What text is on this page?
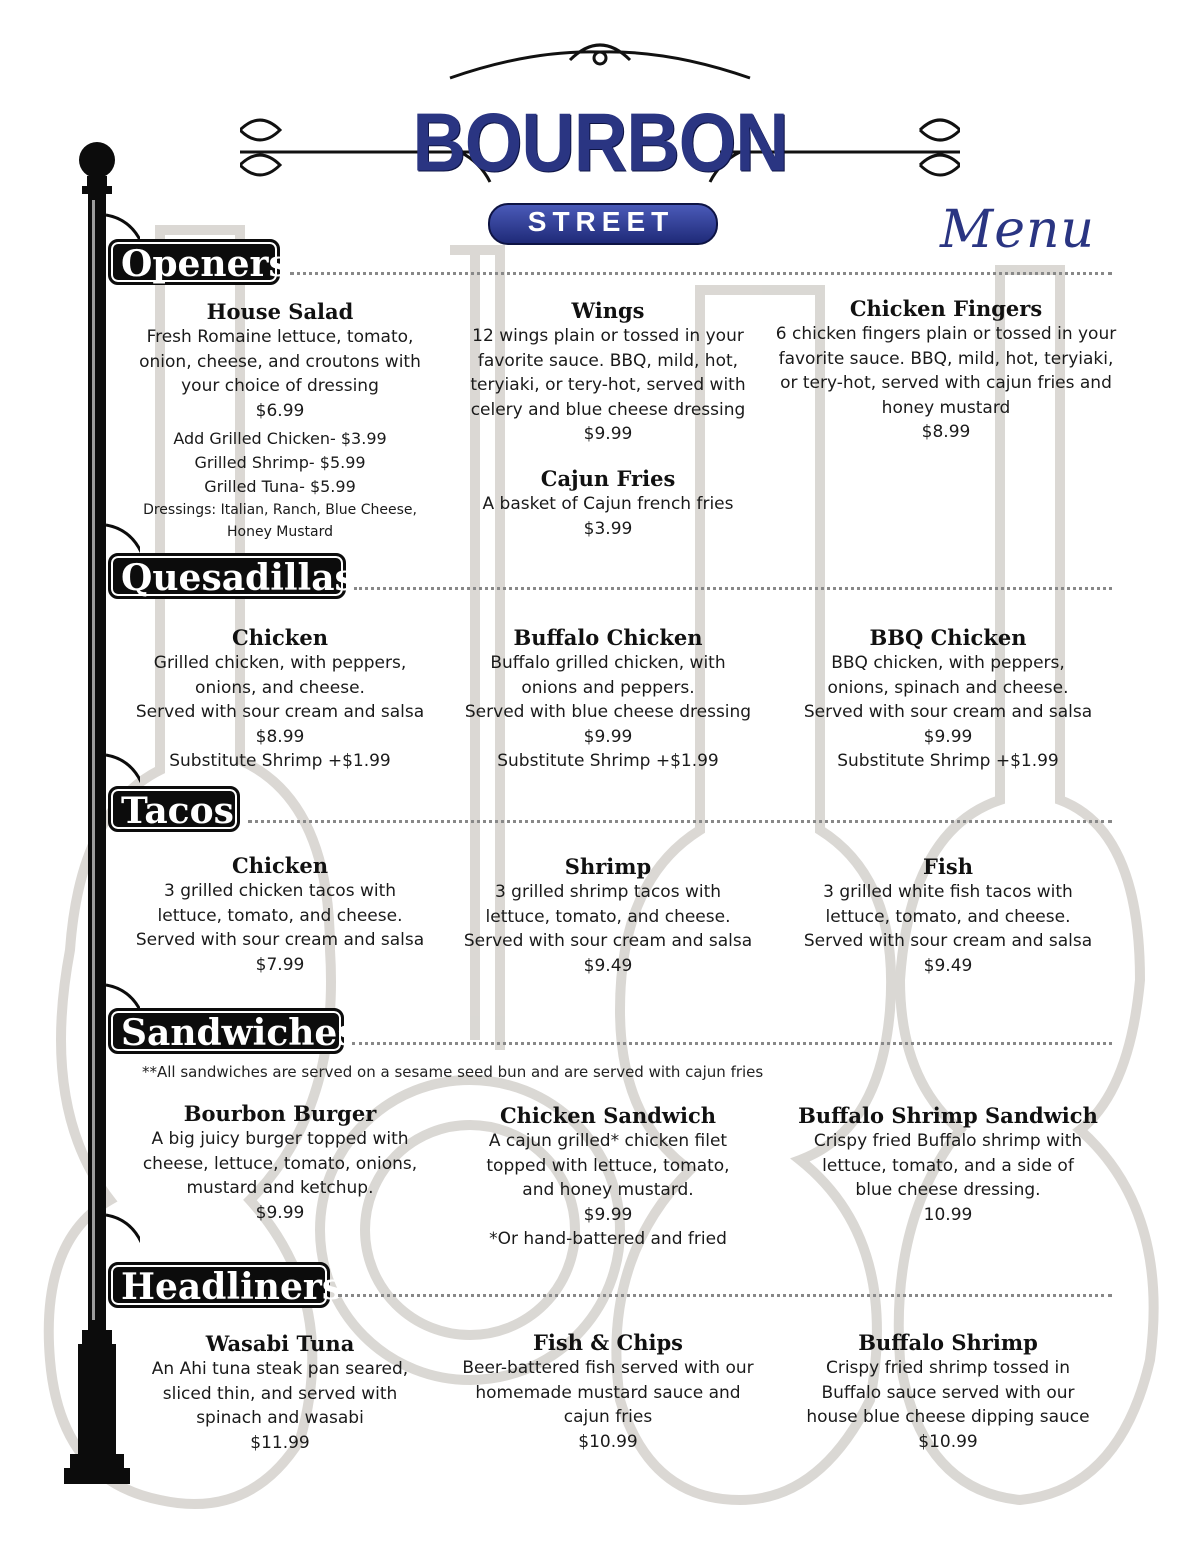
BOURBON
STREET	Menu
Openers
House Salad
Fresh Romaine lettuce, tomato,
onion, cheese, and croutons with
your choice of dressing
$6.99
Add Grilled Chicken- $3.99
Grilled Shrimp- $5.99
Grilled Tuna- $5.99
Dressings: Italian, Ranch, Blue Cheese,
Honey Mustard
Wings
12 wings plain or tossed in your
favorite sauce. BBQ, mild, hot,
teryiaki, or tery-hot, served with
celery and blue cheese dressing
$9.99
Cajun Fries
A basket of Cajun french fries
$3.99
Chicken Fingers
6 chicken fingers plain or tossed in your
favorite sauce. BBQ, mild, hot, teryiaki,
or tery-hot, served with cajun fries and
honey mustard
$8.99
Quesadillas
Chicken
Grilled chicken, with peppers,
onions, and cheese.
Served with sour cream and salsa
$8.99
Substitute Shrimp +$1.99
Buffalo Chicken
Buffalo grilled chicken, with
onions and peppers.
Served with blue cheese dressing
$9.99
Substitute Shrimp +$1.99
BBQ Chicken
BBQ chicken, with peppers,
onions, spinach and cheese.
Served with sour cream and salsa
$9.99
Substitute Shrimp +$1.99
Tacos
Chicken
3 grilled chicken tacos with
lettuce, tomato, and cheese.
Served with sour cream and salsa
$7.99
Shrimp
3 grilled shrimp tacos with
lettuce, tomato, and cheese.
Served with sour cream and salsa
$9.49
Fish
3 grilled white fish tacos with
lettuce, tomato, and cheese.
Served with sour cream and salsa
$9.49
Sandwiches
**All sandwiches are served on a sesame seed bun and are served with cajun fries
Bourbon Burger
A big juicy burger topped with
cheese, lettuce, tomato, onions,
mustard and ketchup.
$9.99
Chicken Sandwich
A cajun grilled* chicken filet
topped with lettuce, tomato,
and honey mustard.
$9.99
*Or hand-battered and fried
Buffalo Shrimp Sandwich
Crispy fried Buffalo shrimp with
lettuce, tomato, and a side of
blue cheese dressing.
10.99
Headliners
Wasabi Tuna
An Ahi tuna steak pan seared,
sliced thin, and served with
spinach and wasabi
$11.99
Fish & Chips
Beer-battered fish served with our
homemade mustard sauce and
cajun fries
$10.99
Buffalo Shrimp
Crispy fried shrimp tossed in
Buffalo sauce served with our
house blue cheese dipping sauce
$10.99
